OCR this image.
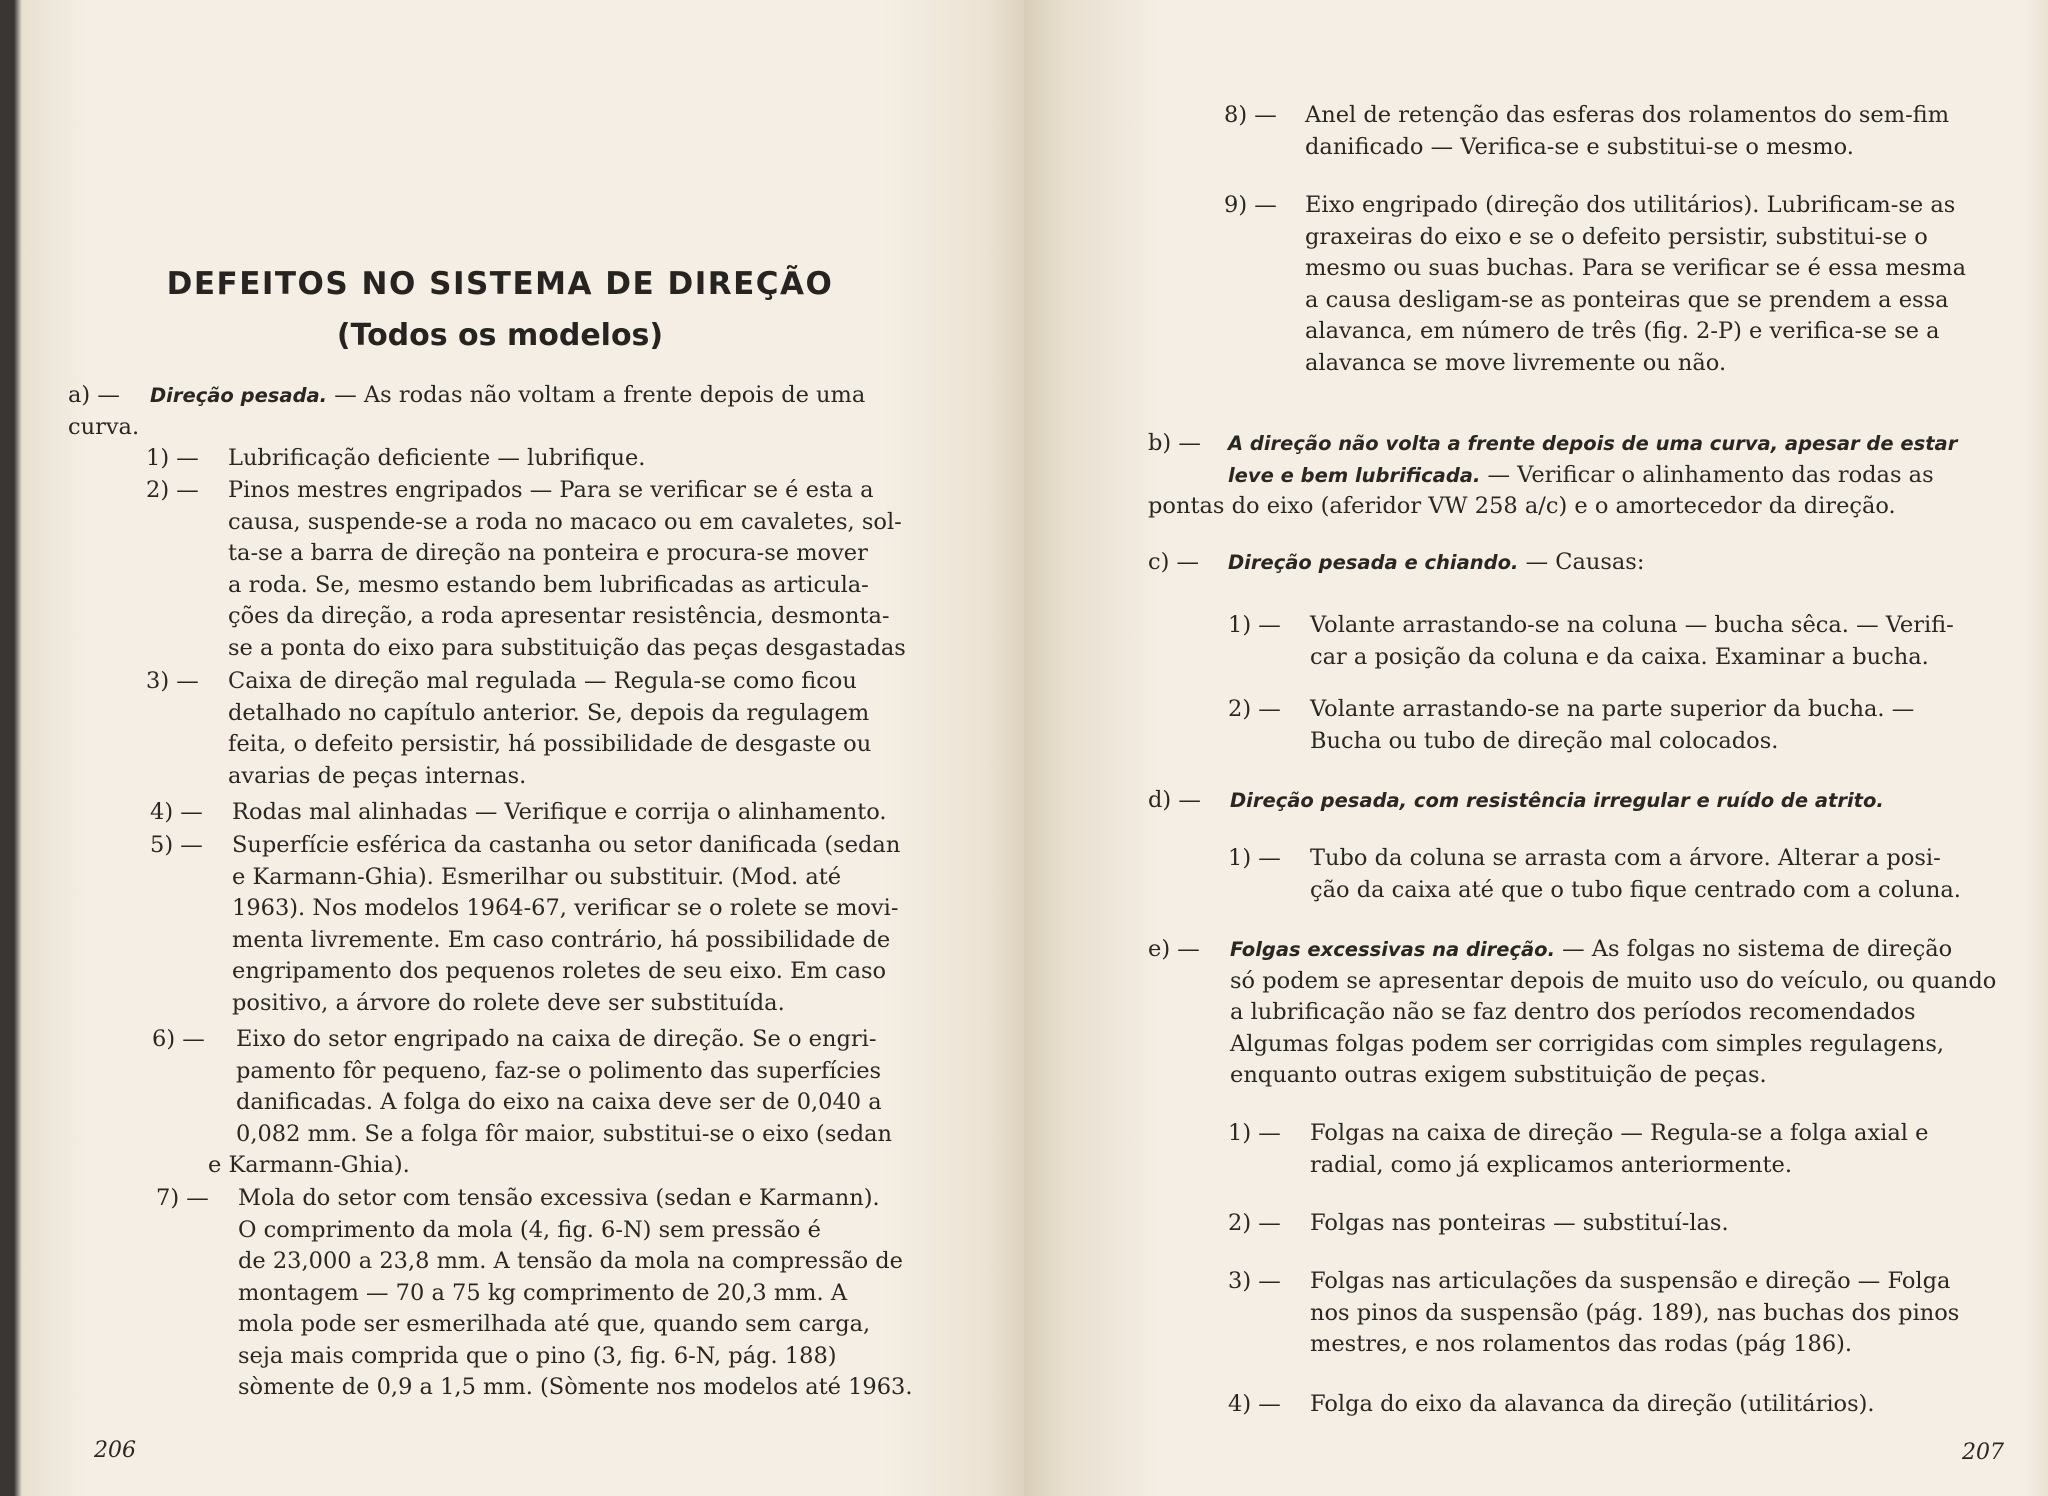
DEFEITOS NO SISTEMA DE DIREÇÃO
(Todos os modelos)
a) — Direção pesada. — As rodas não voltam a frente depois de uma
curva.
1) — Lubrificação deficiente — lubrifique.
2) — Pinos mestres engripados — Para se verificar se é esta a
causa, suspende-se a roda no macaco ou em cavaletes, sol-
ta-se a barra de direção na ponteira e procura-se mover
a roda. Se, mesmo estando bem lubrificadas as articula-
ções da direção, a roda apresentar resistência, desmonta-
se a ponta do eixo para substituição das peças desgastadas
3) — Caixa de direção mal regulada — Regula-se como ficou
detalhado no capítulo anterior. Se, depois da regulagem
feita, o defeito persistir, há possibilidade de desgaste ou
avarias de peças internas.
4) — Rodas mal alinhadas — Verifique e corrija o alinhamento.
5) — Superfície esférica da castanha ou setor danificada (sedan
e Karmann-Ghia). Esmerilhar ou substituir. (Mod. até
1963). Nos modelos 1964-67, verificar se o rolete se movi-
menta livremente. Em caso contrário, há possibilidade de
engripamento dos pequenos roletes de seu eixo. Em caso
positivo, a árvore do rolete deve ser substituída.
6) — Eixo do setor engripado na caixa de direção. Se o engri-
pamento fôr pequeno, faz-se o polimento das superfícies
danificadas. A folga do eixo na caixa deve ser de 0,040 a
0,082 mm. Se a folga fôr maior, substitui-se o eixo (sedan
e Karmann-Ghia).
7) — Mola do setor com tensão excessiva (sedan e Karmann).
O comprimento da mola (4, fig. 6-N) sem pressão é
de 23,000 a 23,8 mm. A tensão da mola na compressão de
montagem — 70 a 75 kg comprimento de 20,3 mm. A
mola pode ser esmerilhada até que, quando sem carga,
seja mais comprida que o pino (3, fig. 6-N, pág. 188)
sòmente de 0,9 a 1,5 mm. (Sòmente nos modelos até 1963.
206
8) — Anel de retenção das esferas dos rolamentos do sem-fim
danificado — Verifica-se e substitui-se o mesmo.
9) — Eixo engripado (direção dos utilitários). Lubrificam-se as
graxeiras do eixo e se o defeito persistir, substitui-se o
mesmo ou suas buchas. Para se verificar se é essa mesma
a causa desligam-se as ponteiras que se prendem a essa
alavanca, em número de três (fig. 2-P) e verifica-se se a
alavanca se move livremente ou não.
b) — A direção não volta a frente depois de uma curva, apesar de estar
leve e bem lubrificada. — Verificar o alinhamento das rodas as
pontas do eixo (aferidor VW 258 a/c) e o amortecedor da direção.
c) — Direção pesada e chiando. — Causas:
1) — Volante arrastando-se na coluna — bucha sêca. — Verifi-
car a posição da coluna e da caixa. Examinar a bucha.
2) — Volante arrastando-se na parte superior da bucha. —
Bucha ou tubo de direção mal colocados.
d) — Direção pesada, com resistência irregular e ruído de atrito.
1) — Tubo da coluna se arrasta com a árvore. Alterar a posi-
ção da caixa até que o tubo fique centrado com a coluna.
e) — Folgas excessivas na direção. — As folgas no sistema de direção
só podem se apresentar depois de muito uso do veículo, ou quando
a lubrificação não se faz dentro dos períodos recomendados
Algumas folgas podem ser corrigidas com simples regulagens,
enquanto outras exigem substituição de peças.
1) — Folgas na caixa de direção — Regula-se a folga axial e
radial, como já explicamos anteriormente.
2) — Folgas nas ponteiras — substituí-las.
3) — Folgas nas articulações da suspensão e direção — Folga
nos pinos da suspensão (pág. 189), nas buchas dos pinos
mestres, e nos rolamentos das rodas (pág 186).
4) — Folga do eixo da alavanca da direção (utilitários).
207
